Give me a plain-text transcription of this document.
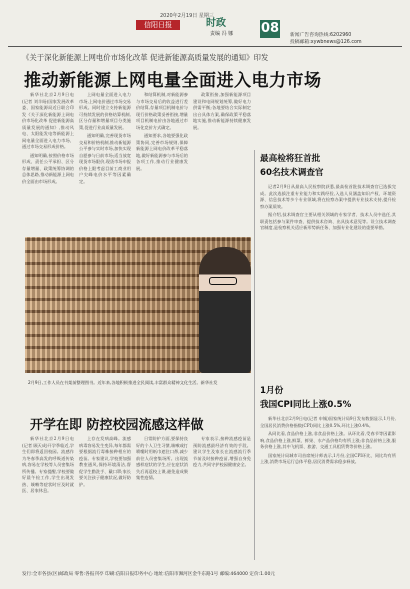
2020年2月19日 星期三
信阳日报	时政
责编 冯 娜 08 新闻广告咨询热线:6202960
投稿邮箱:xywbnews@126.com
《关于深化新能源上网电价市场化改革 促进新能源高质量发展的通知》印发
推动新能源上网电量全面进入电力市场

新华社北京2月9日电(记者 刘羊旸)国家发展改革委、国家能源局近日联合印发《关于深化新能源上网电价市场化改革 促进新能源高质量发展的通知》,推动风电、太阳能发电等新能源上网电量全面进入电力市场、通过市场交易形成价格。

通知明确,按照价格市场形成、责任公平承担、区分存量增量、政策统筹协调的总体思路,推动新能源上网电价全面由市场形成。

上网电量全面进入电力市场,上网电价通过市场交易形成。同时建立支持新能源可持续发展的价格结算机制,区分存量和增量项目分类施策,促进行业高质量发展。

通知明确,完善现货市场交易和价格机制,推动新能源公平参与实时市场,加快实现自愿参与日前市场;适当放宽现货市场限价,现货市场申报价格上限考虑目前工商业用户尖峰电价水平等因素确定。

和结算机制,对新能源参与市场交易后的收益进行差价结算,存量项目机制电价与现行价格政策妥善衔接,增量项目机制电价由各地通过市场化竞价方式确定。

通知要求,各地要强化政策协同,完善市场规则,保障新能源上网电价改革平稳落地,做好新能源参与市场后的各项工作,推动行业健康发展。

政策衔接,加强新能源项目建设和电网规划统筹,做好电力供需平衡;各地要结合实际制定出台具体方案,确保政策平稳落地实施,推动新能源持续健康发展。

2月9日,工作人员在书架前整理图书。近年来,各地积极推进全民阅读,丰富群众精神文化生活。新华社发
开学在即 防控校园流感这样做

新华社北京2月9日电(记者 顾天成)开学季临近,学生们即将返回校园。流感作为冬春季高发的呼吸道传染病,容易在学校等人员密集场所传播。专家提醒,学校要做好晨午检工作,学生出现发热、咳嗽等症状时应及时就医、居家休息。

上存在发病高峰。流感病毒容易发生变异,每年都需要根据流行毒株接种相应的疫苗。专家建议,学校要加强教室通风,保持环境清洁,督促学生勤洗手、戴口罩;家长要关注孩子健康状况,做好防护。

日常防护方面,要保持良好的个人卫生习惯,咳嗽或打喷嚏时用纸巾遮住口鼻,减少前往人员密集场所。出现流感样症状的学生,应在症状消失后再返校上课,避免造成聚集性疫情。

专家表示,接种流感疫苗是预防流感最经济有效的手段。建议学生及家长在流感流行季节前及时接种疫苗,增强自身免疫力,共同守护校园健康安全。

最高检将狂首批
60名技术调查官

记者2月9日从最高人民检察院获悉,最高检首批技术调查官已选拔完成。此次选拔注重专业能力和实践经验,入选人员涵盖知识产权、环境资源、信息技术等多个专业领域,将在检察办案中提供专业技术支持,提升检察办案质效。

据介绍,技术调查官主要从相关领域的专家学者、技术人员中选任,其职责包括参与案件审查、提供技术咨询、出具技术意见等。设立技术调查官制度,是检察机关适应新形势新任务、加强专业化建设的重要举措。

1月份
我国CPI同比上涨0.5%

新华社北京2月9日电(记者 申铖)国家统计局9日发布数据显示,1月份,全国居民消费价格指数(CPI)同比上涨0.5%,环比上涨0.4%。

从同比看,食品价格上涨,非食品价格上涨。从环比看,受春节等因素影响,食品价格上涨,鲜菜、鲜果、水产品价格均有所上涨;非食品价格上涨,服务价格上涨,其中飞机票、旅游、交通工具租赁费等价格上涨。

国家统计局城市司首席统计师表示,1月份,全国CPI环比、同比均有所上涨,消费市场运行总体平稳,居民消费需求稳步释放。

发行:全市各县(区)邮政局 零售:各报刊亭 印刷:信阳日报印务中心 地址:信阳市浉河区金牛东路1号 邮编:464000 定价:1.00元
